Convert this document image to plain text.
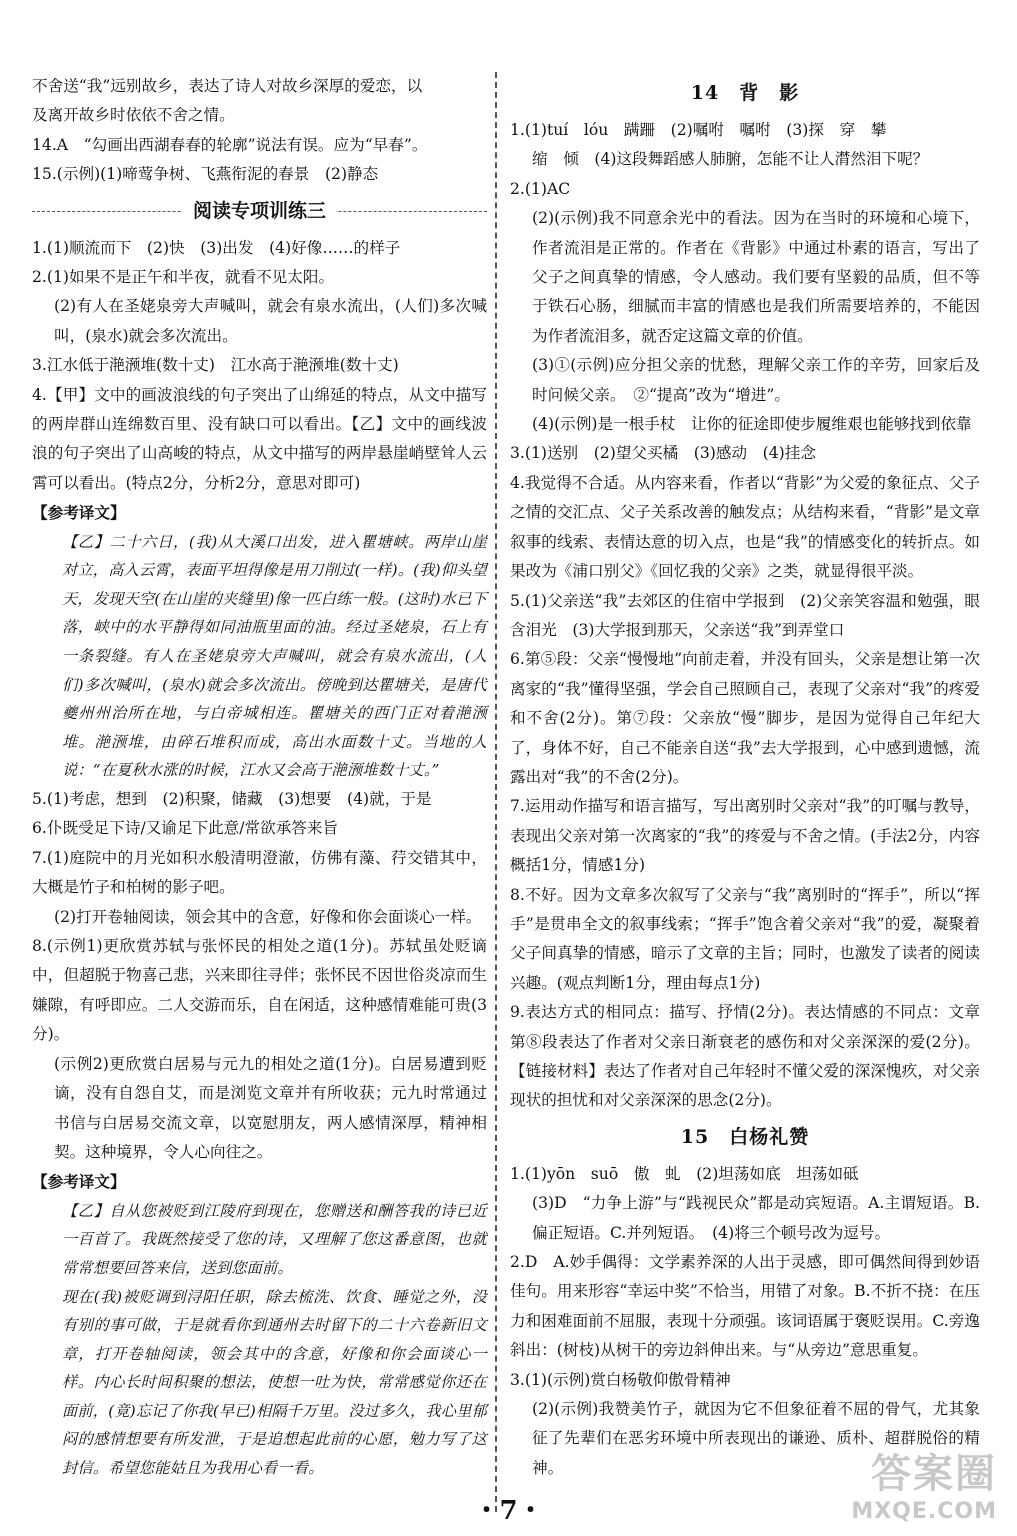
不舍送“我”远别故乡，表达了诗人对故乡深厚的爱恋，以

及离开故乡时依依不舍之情。

14.A　“勾画出西湖春春的轮廓”说法有误。应为“早春”。

15.(示例)(1)啼莺争树、飞燕衔泥的春景　(2)静态

阅读专项训练三

1.(1)顺流而下　(2)快　(3)出发　(4)好像……的样子

2.(1)如果不是正午和半夜，就看不见太阳。

(2)有人在圣姥泉旁大声喊叫，就会有泉水流出，(人们)多次喊叫，(泉水)就会多次流出。

3.江水低于滟滪堆(数十丈)　江水高于滟滪堆(数十丈)

4.【甲】文中的画波浪线的句子突出了山绵延的特点，从文中描写的两岸群山连绵数百里、没有缺口可以看出。【乙】文中的画线波浪的句子突出了山高峻的特点，从文中描写的两岸悬崖峭壁耸人云霄可以看出。(特点2分，分析2分，意思对即可)

【参考译文】

【乙】二十六日，(我)从大溪口出发，进入瞿塘峡。两岸山崖对立，高入云霄，表面平坦得像是用刀削过(一样)。(我)仰头望天，发现天空(在山崖的夹缝里)像一匹白练一般。(这时)水已下落，峡中的水平静得如同油瓶里面的油。经过圣姥泉，石上有一条裂缝。有人在圣姥泉旁大声喊叫，就会有泉水流出，(人们)多次喊叫，(泉水)就会多次流出。傍晚到达瞿塘关，是唐代夔州州治所在地，与白帝城相连。瞿塘关的西门正对着滟滪堆。滟滪堆，由碎石堆积而成，高出水面数十丈。当地的人说：“在夏秋水涨的时候，江水又会高于滟滪堆数十丈。”

5.(1)考虑，想到　(2)积聚，储藏　(3)想要　(4)就，于是

6.仆既受足下诗/又谕足下此意/常欲承答来旨

7.(1)庭院中的月光如积水般清明澄澈，仿佛有藻、荇交错其中，大概是竹子和柏树的影子吧。

(2)打开卷轴阅读，领会其中的含意，好像和你会面谈心一样。

8.(示例1)更欣赏苏轼与张怀民的相处之道(1分)。苏轼虽处贬谪中，但超脱于物喜己悲，兴来即往寻伴；张怀民不因世俗炎凉而生嫌隙，有呼即应。二人交游而乐，自在闲适，这种感情难能可贵(3分)。

(示例2)更欣赏白居易与元九的相处之道(1分)。白居易遭到贬谪，没有自怨自艾，而是浏览文章并有所收获；元九时常通过书信与白居易交流文章，以宽慰朋友，两人感情深厚，精神相契。这种境界，令人心向往之。

【参考译文】

【乙】自从您被贬到江陵府到现在，您赠送和酬答我的诗已近一百首了。我既然接受了您的诗，又理解了您这番意图，也就常常想要回答来信，送到您面前。

现在(我)被贬调到浔阳任职，除去梳洗、饮食、睡觉之外，没有别的事可做，于是就看你到通州去时留下的二十六卷新旧文章，打开卷轴阅读，领会其中的含意，好像和你会面谈心一样。内心长时间积聚的想法，使想一吐为快，常常感觉你还在面前，(竟)忘记了你我(早已)相隔千万里。没过多久，我心里郁闷的感情想要有所发泄，于是追想起此前的心愿，勉力写了这封信。希望您能姑且为我用心看一看。

14　背　影

1.(1)tuí　lóu　蹒跚　(2)嘱咐　嘱咐　(3)探　穿　攀

缩　倾　(4)这段舞蹈感人肺腑，怎能不让人潸然泪下呢？

2.(1)AC

(2)(示例)我不同意余光中的看法。因为在当时的环境和心境下，作者流泪是正常的。作者在《背影》中通过朴素的语言，写出了父子之间真挚的情感，令人感动。我们要有坚毅的品质，但不等于铁石心肠，细腻而丰富的情感也是我们所需要培养的，不能因为作者流泪多，就否定这篇文章的价值。

(3)①(示例)应分担父亲的忧愁，理解父亲工作的辛劳，回家后及时问候父亲。　②“提高”改为“增进”。

(4)(示例)是一根手杖　让你的征途即使步履维艰也能够找到依靠

3.(1)送别　(2)望父买橘　(3)感动　(4)挂念

4.我觉得不合适。从内容来看，作者以“背影”为父爱的象征点、父子之情的交汇点、父子关系改善的触发点；从结构来看，“背影”是文章叙事的线索、表情达意的切入点，也是“我”的情感变化的转折点。如果改为《浦口别父》《回忆我的父亲》之类，就显得很平淡。

5.(1)父亲送“我”去郊区的住宿中学报到　(2)父亲笑容温和勉强，眼含泪光　(3)大学报到那天，父亲送“我”到弄堂口

6.第⑤段：父亲“慢慢地”向前走着，并没有回头，父亲是想让第一次离家的“我”懂得坚强，学会自己照顾自己，表现了父亲对“我”的疼爱和不舍(2分)。第⑦段：父亲放“慢”脚步，是因为觉得自己年纪大了，身体不好，自己不能亲自送“我”去大学报到，心中感到遗憾，流露出对“我”的不舍(2分)。

7.运用动作描写和语言描写，写出离别时父亲对“我”的叮嘱与教导，表现出父亲对第一次离家的“我”的疼爱与不舍之情。(手法2分，内容概括1分，情感1分)

8.不好。因为文章多次叙写了父亲与“我”离别时的“挥手”，所以“挥手”是贯串全文的叙事线索；“挥手”饱含着父亲对“我”的爱，凝聚着父子间真挚的情感，暗示了文章的主旨；同时，也激发了读者的阅读兴趣。(观点判断1分，理由每点1分)

9.表达方式的相同点：描写、抒情(2分)。表达情感的不同点：文章第⑧段表达了作者对父亲日渐衰老的感伤和对父亲深深的爱(2分)。【链接材料】表达了作者对自己年轻时不懂父爱的深深愧疚，对父亲现状的担忧和对父亲深深的思念(2分)。

15　白杨礼赞

1.(1)yōn　suō　傲　虬　(2)坦荡如底　坦荡如砥

(3)D　“力争上游”与“践视民众”都是动宾短语。A.主谓短语。B.偏正短语。C.并列短语。　(4)将三个顿号改为逗号。

2.D　A.妙手偶得：文学素养深的人出于灵感，即可偶然间得到妙语佳句。用来形容“幸运中奖”不恰当，用错了对象。B.不折不挠：在压力和困难面前不屈服，表现十分顽强。该词语属于褒贬误用。C.旁逸斜出：(树枝)从树干的旁边斜伸出来。与“从旁边”意思重复。

3.(1)(示例)赏白杨敬仰傲骨精神

(2)(示例)我赞美竹子，就因为它不但象征着不屈的骨气，尤其象征了先辈们在恶劣环境中所表现出的谦逊、质朴、超群脱俗的精神。

・7・
答案圈
MXQE.COM
